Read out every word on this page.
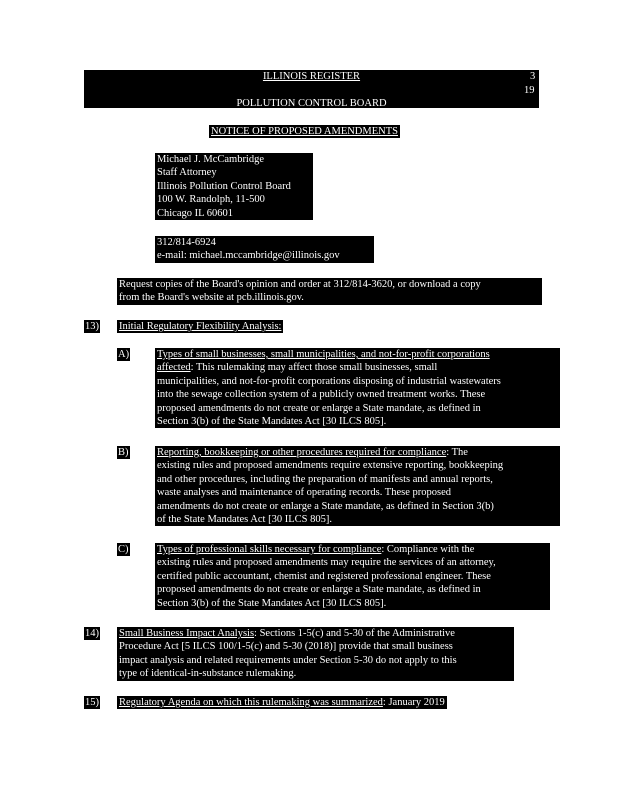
ILLINOIS REGISTER	3
19
POLLUTION CONTROL BOARD
NOTICE OF PROPOSED AMENDMENTS
Michael J. McCambridge
Staff Attorney
Illinois Pollution Control Board
100 W. Randolph, 11-500
Chicago IL 60601
312/814-6924
e-mail: michael.mccambridge@illinois.gov
Request copies of the Board's opinion and order at 312/814-3620, or download a copy
from the Board's website at pcb.illinois.gov.
13) Initial Regulatory Flexibility Analysis:
A)	Types of small businesses, small municipalities, and not-for-profit corporations
affected: This rulemaking may affect those small businesses, small
municipalities, and not-for-profit corporations disposing of industrial wastewaters
into the sewage collection system of a publicly owned treatment works. These
proposed amendments do not create or enlarge a State mandate, as defined in
Section 3(b) of the State Mandates Act [30 ILCS 805].
B)	Reporting, bookkeeping or other procedures required for compliance: The
existing rules and proposed amendments require extensive reporting, bookkeeping
and other procedures, including the preparation of manifests and annual reports,
waste analyses and maintenance of operating records. These proposed
amendments do not create or enlarge a State mandate, as defined in Section 3(b)
of the State Mandates Act [30 ILCS 805].
C)	Types of professional skills necessary for compliance: Compliance with the
existing rules and proposed amendments may require the services of an attorney,
certified public accountant, chemist and registered professional engineer. These
proposed amendments do not create or enlarge a State mandate, as defined in
Section 3(b) of the State Mandates Act [30 ILCS 805].
14) Small Business Impact Analysis: Sections 1-5(c) and 5-30 of the Administrative
Procedure Act [5 ILCS 100/1-5(c) and 5-30 (2018)] provide that small business
impact analysis and related requirements under Section 5-30 do not apply to this
type of identical-in-substance rulemaking.
15) Regulatory Agenda on which this rulemaking was summarized: January 2019
